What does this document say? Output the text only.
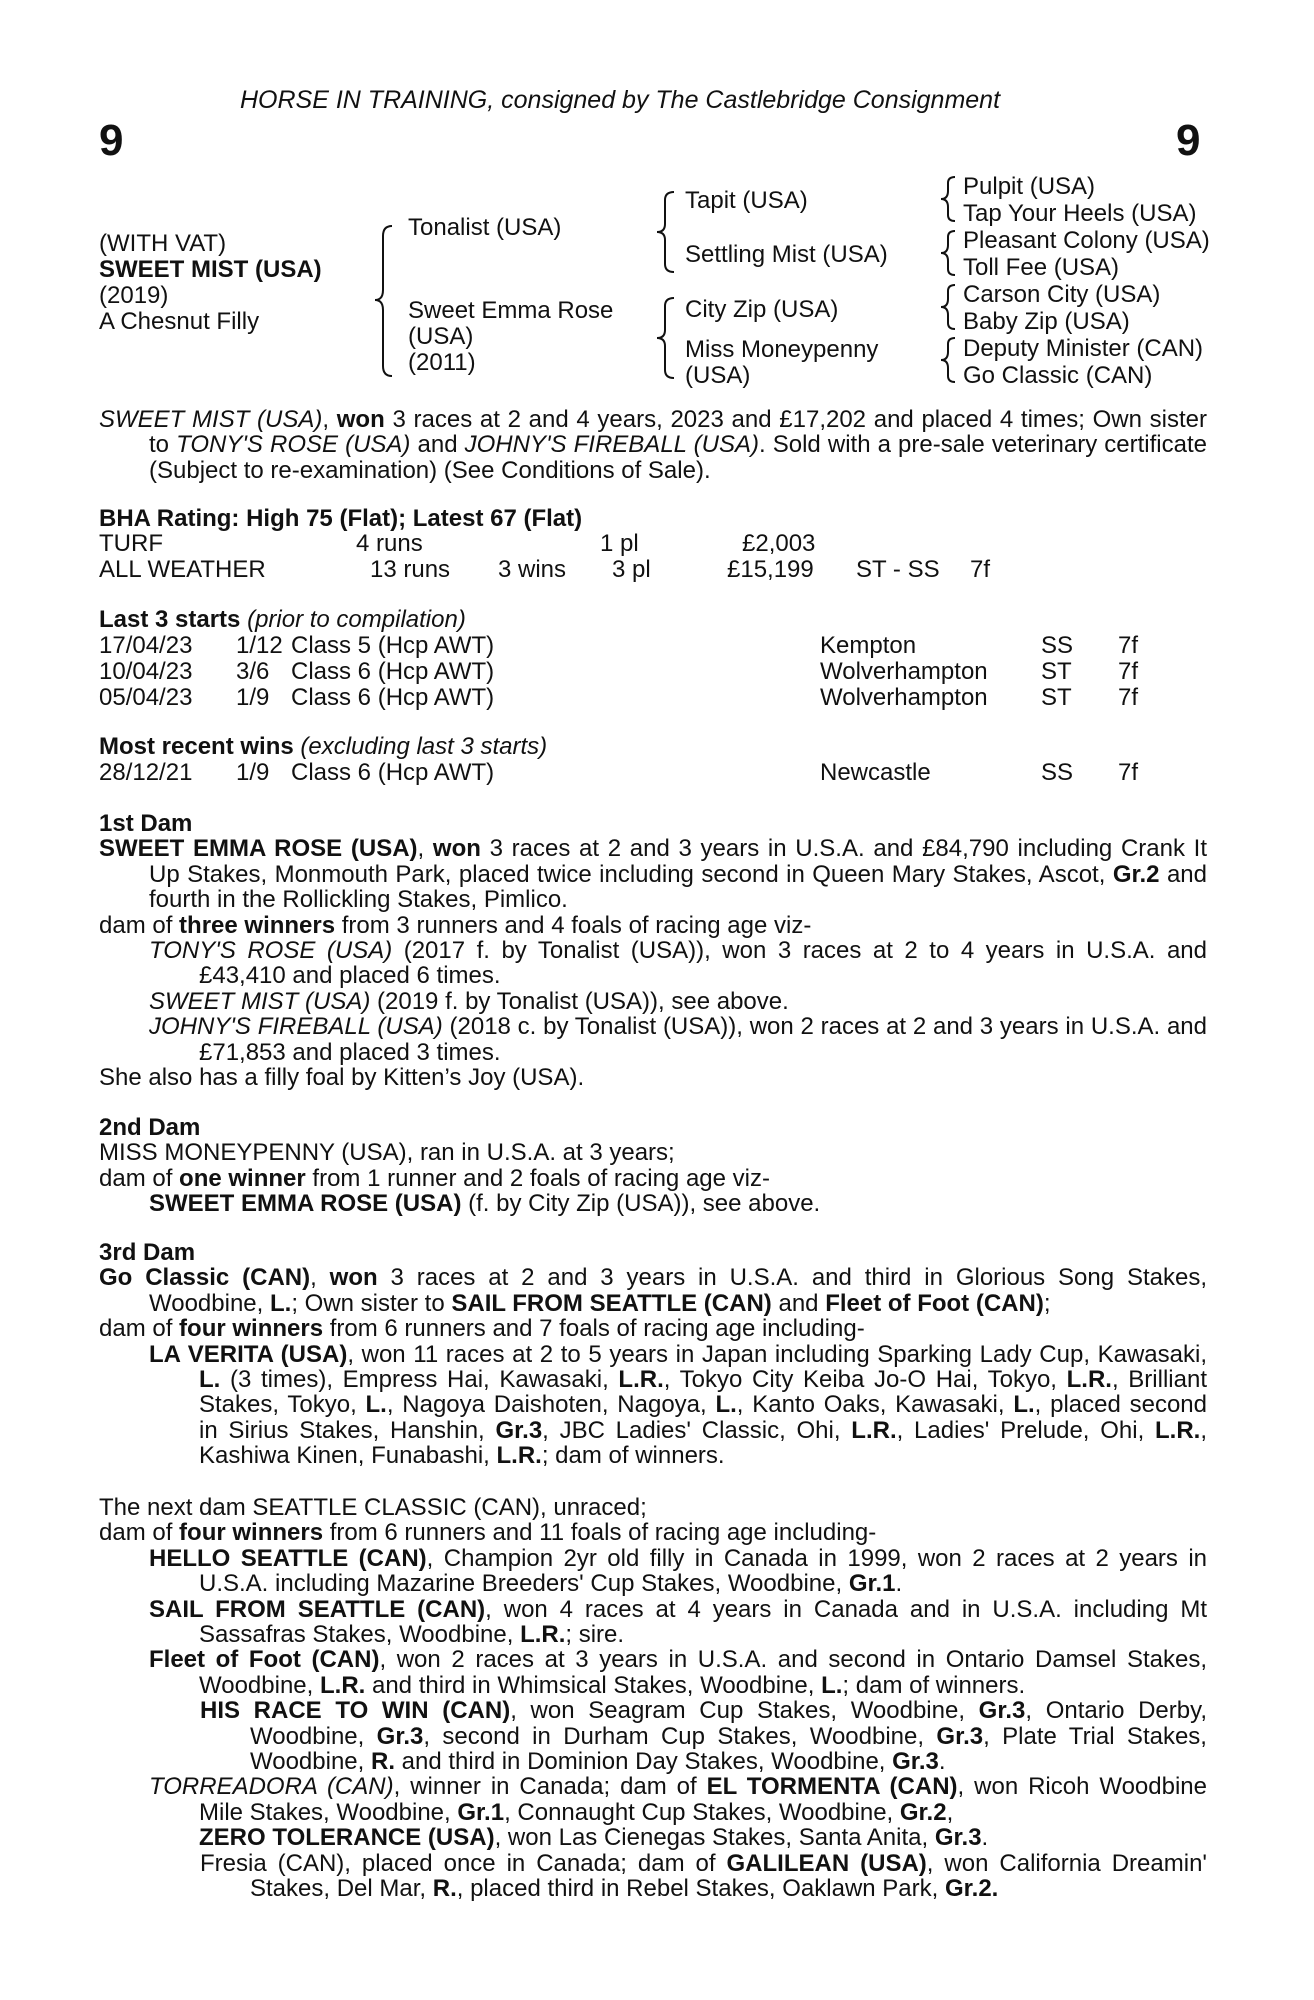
HORSE IN TRAINING, consigned by The Castlebridge Consignment
9	9
(WITH VAT)
SWEET MIST (USA)
(2019)
A Chesnut Filly
Tonalist (USA)
Sweet Emma Rose
(USA)
(2011)
Tapit (USA)
Settling Mist (USA)
City Zip (USA)
Miss Moneypenny
(USA)
Pulpit (USA)
Tap Your Heels (USA)
Pleasant Colony (USA)
Toll Fee (USA)
Carson City (USA)
Baby Zip (USA)
Deputy Minister (CAN)
Go Classic (CAN)

SWEET MIST (USA), won 3 races at 2 and 4 years, 2023 and £17,202 and placed 4 times; Own sister to TONY'S ROSE (USA) and JOHNY'S FIREBALL (USA). Sold with a pre-sale veterinary certificate (Subject to re-examination) (See Conditions of Sale).

BHA Rating: High 75 (Flat); Latest 67 (Flat)
TURF	4 runs	1 pl	£2,003
ALL WEATHER	13 runs 3 wins 3 pl	£15,199 ST - SS 7f
Last 3 starts (prior to compilation)
17/04/23 1/12 Class 5 (Hcp AWT)	Kempton	SS 7f
10/04/23 3/6 Class 6 (Hcp AWT)	Wolverhampton ST 7f
05/04/23 1/9 Class 6 (Hcp AWT)	Wolverhampton ST 7f
Most recent wins (excluding last 3 starts)
28/12/21 1/9 Class 6 (Hcp AWT)	Newcastle	SS 7f

1st Dam

SWEET EMMA ROSE (USA), won 3 races at 2 and 3 years in U.S.A. and £84,790 including Crank It Up Stakes, Monmouth Park, placed twice including second in Queen Mary Stakes, Ascot, Gr.2 and fourth in the Rollickling Stakes, Pimlico.

dam of three winners from 3 runners and 4 foals of racing age viz-

TONY'S ROSE (USA) (2017 f. by Tonalist (USA)), won 3 races at 2 to 4 years in U.S.A. and £43,410 and placed 6 times.

SWEET MIST (USA) (2019 f. by Tonalist (USA)), see above.

JOHNY'S FIREBALL (USA) (2018 c. by Tonalist (USA)), won 2 races at 2 and 3 years in U.S.A. and £71,853 and placed 3 times.

She also has a filly foal by Kitten’s Joy (USA).

2nd Dam

MISS MONEYPENNY (USA), ran in U.S.A. at 3 years;

dam of one winner from 1 runner and 2 foals of racing age viz-

SWEET EMMA ROSE (USA) (f. by City Zip (USA)), see above.

3rd Dam

Go Classic (CAN), won 3 races at 2 and 3 years in U.S.A. and third in Glorious Song Stakes, Woodbine, L.; Own sister to SAIL FROM SEATTLE (CAN) and Fleet of Foot (CAN);

dam of four winners from 6 runners and 7 foals of racing age including-

LA VERITA (USA), won 11 races at 2 to 5 years in Japan including Sparking Lady Cup, Kawasaki, L. (3 times), Empress Hai, Kawasaki, L.R., Tokyo City Keiba Jo-O Hai, Tokyo, L.R., Brilliant Stakes, Tokyo, L., Nagoya Daishoten, Nagoya, L., Kanto Oaks, Kawasaki, L., placed second in Sirius Stakes, Hanshin, Gr.3, JBC Ladies' Classic, Ohi, L.R., Ladies' Prelude, Ohi, L.R., Kashiwa Kinen, Funabashi, L.R.; dam of winners.

The next dam SEATTLE CLASSIC (CAN), unraced;

dam of four winners from 6 runners and 11 foals of racing age including-

HELLO SEATTLE (CAN), Champion 2yr old filly in Canada in 1999, won 2 races at 2 years in U.S.A. including Mazarine Breeders' Cup Stakes, Woodbine, Gr.1.

SAIL FROM SEATTLE (CAN), won 4 races at 4 years in Canada and in U.S.A. including Mt Sassafras Stakes, Woodbine, L.R.; sire.

Fleet of Foot (CAN), won 2 races at 3 years in U.S.A. and second in Ontario Damsel Stakes, Woodbine, L.R. and third in Whimsical Stakes, Woodbine, L.; dam of winners.

HIS RACE TO WIN (CAN), won Seagram Cup Stakes, Woodbine, Gr.3, Ontario Derby, Woodbine, Gr.3, second in Durham Cup Stakes, Woodbine, Gr.3, Plate Trial Stakes, Woodbine, R. and third in Dominion Day Stakes, Woodbine, Gr.3.

TORREADORA (CAN), winner in Canada; dam of EL TORMENTA (CAN), won Ricoh Woodbine Mile Stakes, Woodbine, Gr.1, Connaught Cup Stakes, Woodbine, Gr.2,
ZERO TOLERANCE (USA), won Las Cienegas Stakes, Santa Anita, Gr.3.

Fresia (CAN), placed once in Canada; dam of GALILEAN (USA), won California Dreamin' Stakes, Del Mar, R., placed third in Rebel Stakes, Oaklawn Park, Gr.2.
